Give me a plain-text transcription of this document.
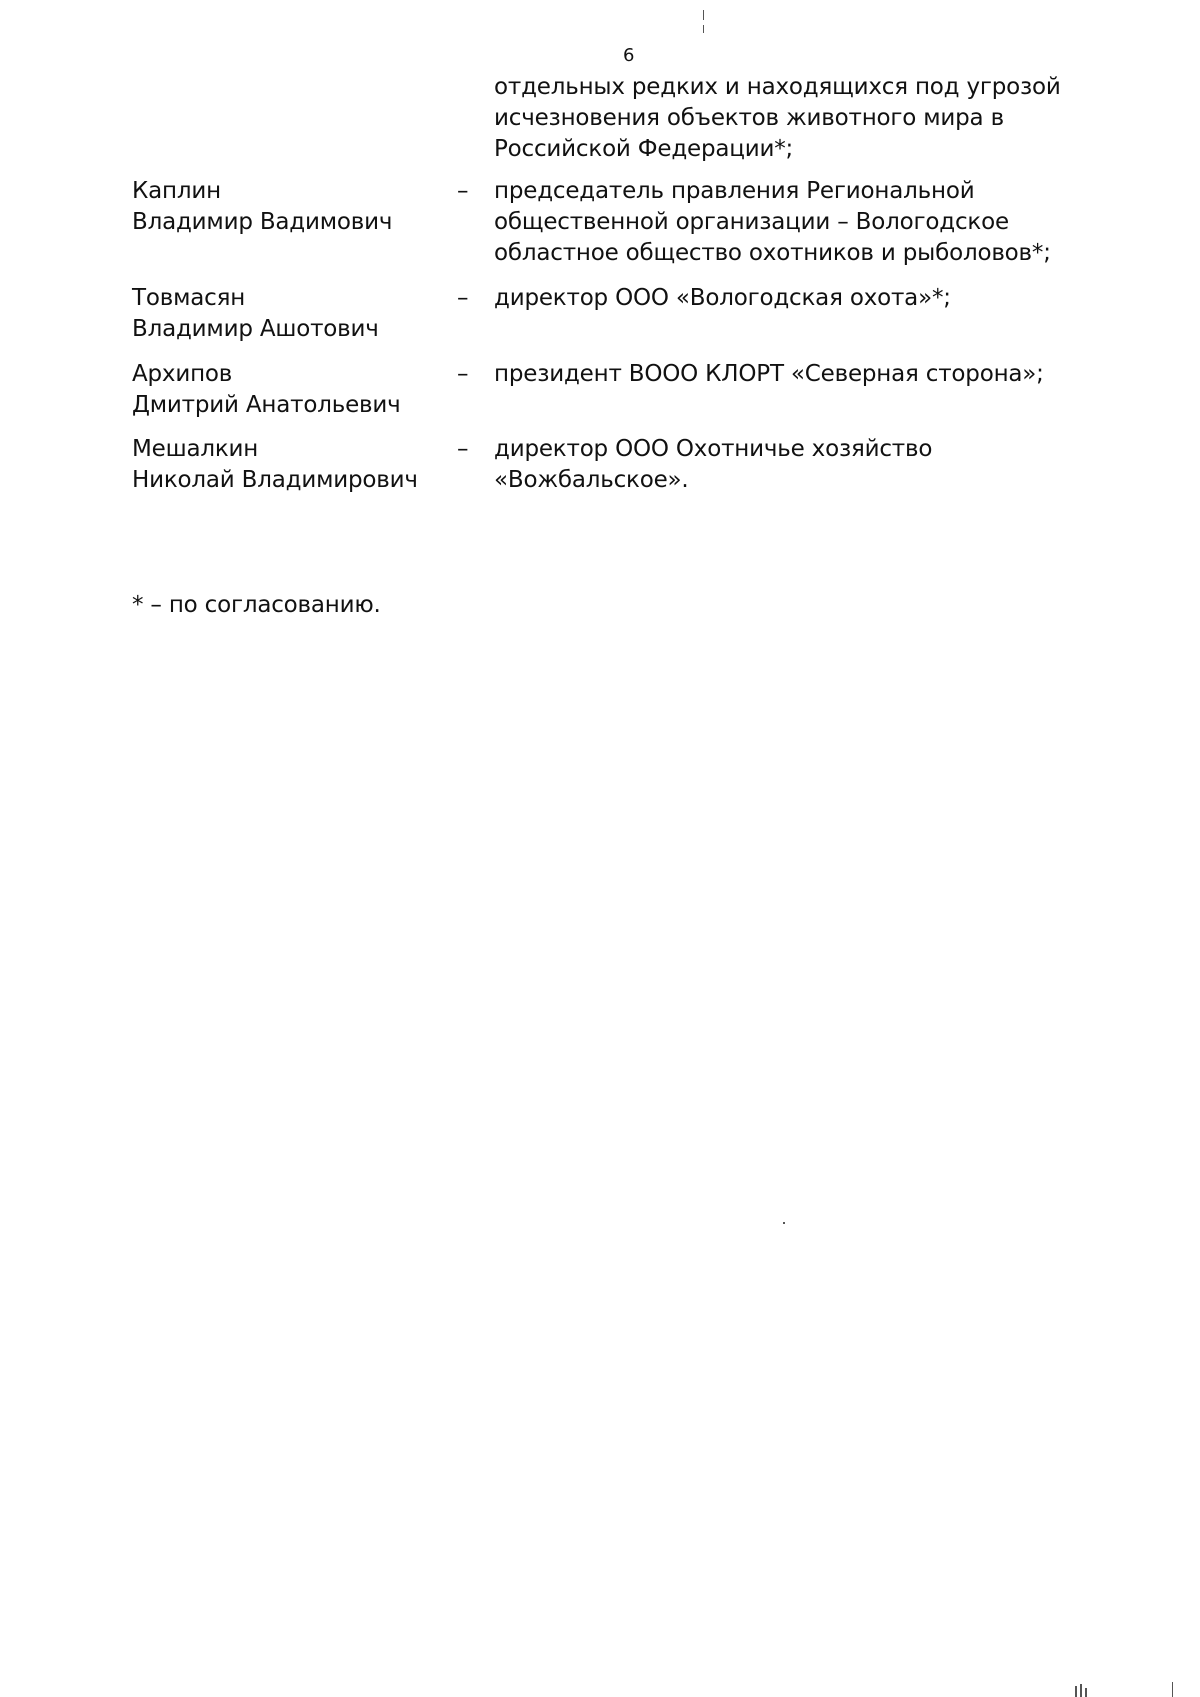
6
отдельных редких и находящихся под угрозой
исчезновения объектов животного мира в
Российской Федерации*;
Каплин
Владимир Вадимович
– председатель правления Региональной
общественной организации – Вологодское
областное общество охотников и рыболовов*;
Товмасян
Владимир Ашотович
– директор ООО «Вологодская охота»*;
Архипов
Дмитрий Анатольевич
– президент ВООО КЛОРТ «Северная сторона»;
Мешалкин
Николай Владимирович
– директор ООО Охотничье хозяйство
«Вожбальское».
* – по согласованию.
